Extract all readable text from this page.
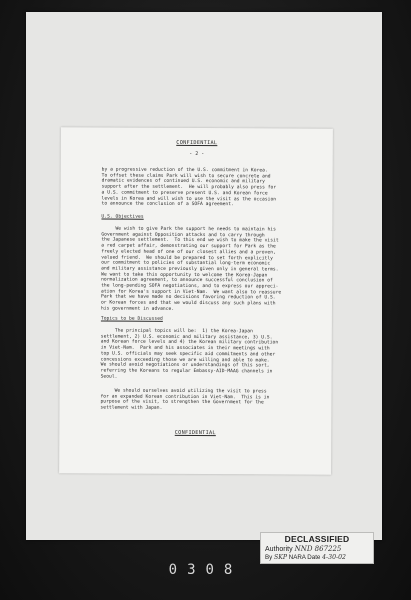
CONFIDENTIAL
- 2 -
by a progressive reduction of the U.S. commitment in Korea.
To offset these claims Park will wish to secure concrete and
dramatic evidences of continued U.S. economic and military
support after the settlement.  He will probably also press for
a U.S. commitment to preserve present U.S. and Korean force
levels in Korea and will wish to use the visit as the occasion
to announce the conclusion of a SOFA agreement.
U.S. Objectives
We wish to give Park the support he needs to maintain his
Government against Opposition attacks and to carry through
the Japanese settlement.  To this end we wish to make the visit
a red carpet affair, demonstrating our support for Park as the
freely elected head of one of our closest allies and a proven,
valued friend.  We should be prepared to set forth explicitly
our commitment to policies of substantial long-term economic
and military assistance previously given only in general terms.
We want to take this opportunity to welcome the Korea-Japan
normalization agreement, to announce successful conclusion of
the long-pending SOFA negotiations, and to express our appreci-
ation for Korea's support in Viet-Nam.  We want also to reassure
Park that we have made no decisions favoring reduction of U.S.
or Korean forces and that we would discuss any such plans with
his government in advance.
Topics to be Discussed
The principal topics will be:  1) the Korea-Japan
settlement, 2) U.S. economic and military assistance, 3) U.S.
and Korean force levels and 4) the Korean military contribution
in Viet-Nam.  Park and his associates in their meetings with
top U.S. officials may seek specific aid commitments and other
concessions exceeding those we are willing and able to make.
We should avoid negotiations or understandings of this sort,
referring the Koreans to regular Embassy-AID-MAAG channels in
Seoul.
We should ourselves avoid utilizing the visit to press
for an expanded Korean contribution in Viet-Nam.  This is in
purpose of the visit, to strengthen the Government for the
settlement with Japan.
CONFIDENTIAL
DECLASSIFIED
Authority NND 867225
By SKP NARA Date 4-30-02
0308
